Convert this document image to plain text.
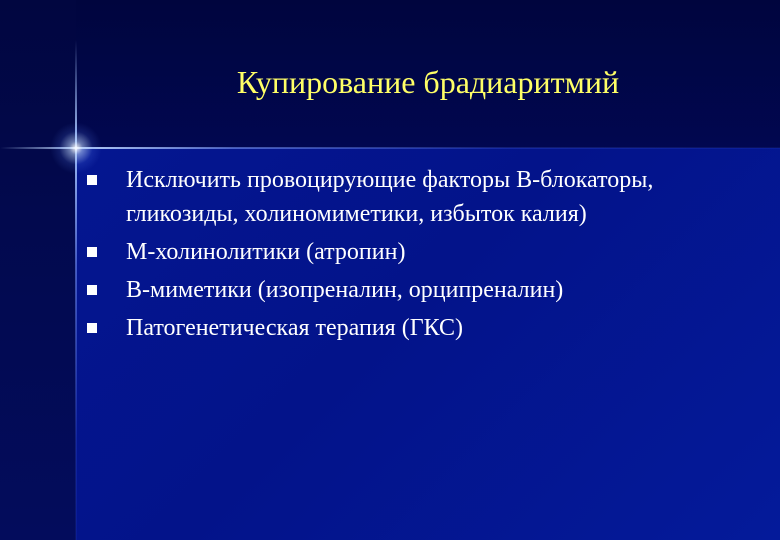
Купирование брадиаритмий
Исключить провоцирующие факторы B-блокаторы, гликозиды, холиномиметики, избыток калия)
М-холинолитики (атропин)
В-миметики (изопреналин, орципреналин)
Патогенетическая терапия (ГКС)
